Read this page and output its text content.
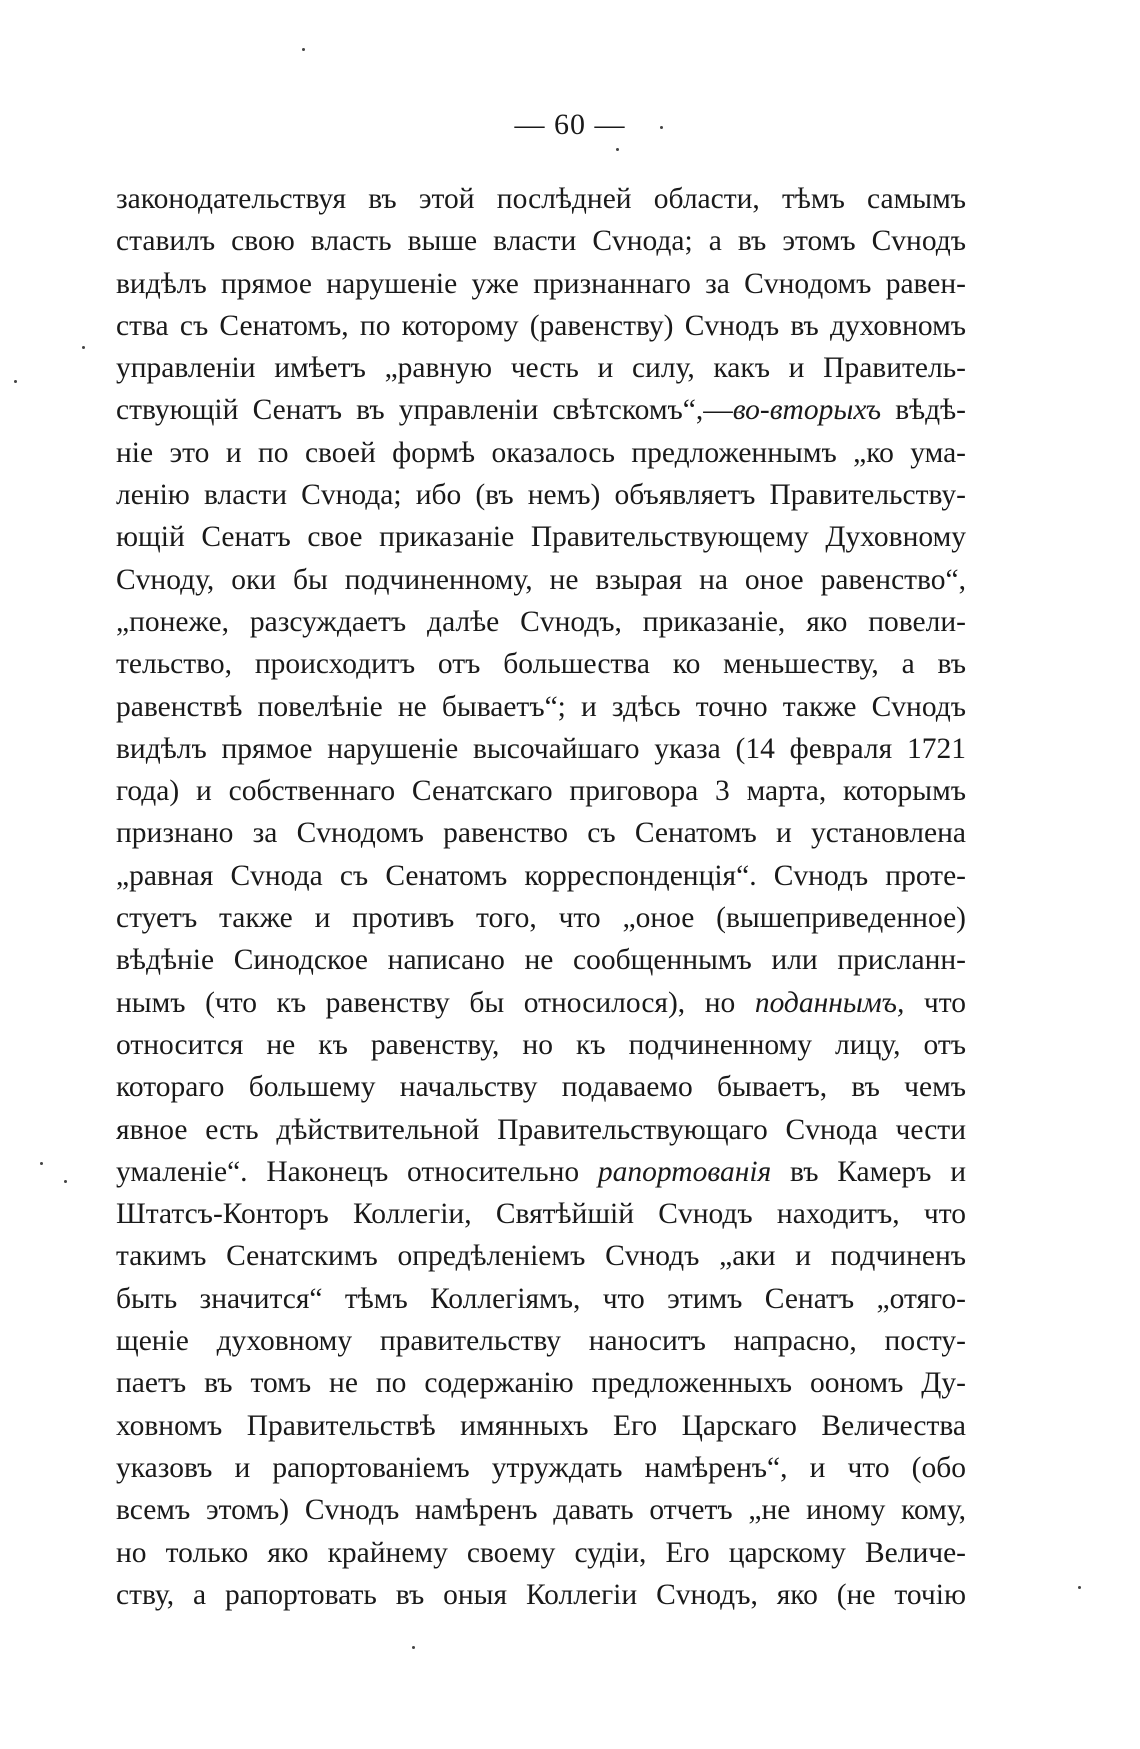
— 60 —
законодательствуя въ этой послѣдней области, тѣмъ самымъ
ставилъ свою власть выше власти Сvнода; а въ этомъ Сvнодъ
видѣлъ прямое нарушеніе уже признаннаго за Сvнодомъ равен-
ства съ Сенатомъ, по которому (равенству) Сvнодъ въ духовномъ
управленіи имѣетъ „равную честь и силу, какъ и Правитель-
ствующій Сенатъ въ управленіи свѣтскомъ“,—во-вторыхъ вѣдѣ-
ніе это и по своей формѣ оказалось предложеннымъ „ко ума-
ленію власти Сvнода; ибо (въ немъ) объявляетъ Правительству-
ющій Сенатъ свое приказаніе Правительствующему Духовному
Сvноду, оки бы подчиненному, не взырая на оное равенство“,
„понеже, разсуждаетъ далѣе Сvнодъ, приказаніе, яко повели-
тельство, происходитъ отъ большества ко меньшеству, а въ
равенствѣ повелѣніе не бываетъ“; и здѣсь точно также Сvнодъ
видѣлъ прямое нарушеніе высочайшаго указа (14 февраля 1721
года) и собственнаго Сенатскаго приговора 3 марта, которымъ
признано за Сvнодомъ равенство съ Сенатомъ и установлена
„равная Сvнода съ Сенатомъ корреспонденція“. Сvнодъ проте-
стуетъ также и противъ того, что „оное (вышеприведенное)
вѣдѣніе Синодское написано не сообщеннымъ или присланн-
нымъ (что къ равенству бы относилося), но поданнымъ, что
относится не къ равенству, но къ подчиненному лицу, отъ
котораго большему начальству подаваемо бываетъ, въ чемъ
явное есть дѣйствительной Правительствующаго Сvнода чести
умаленіе“. Наконецъ относительно рапортованія въ Камеръ и
Штатсъ-Конторъ Коллегіи, Святѣйшій Сvнодъ находитъ, что
такимъ Сенатскимъ опредѣленіемъ Сvнодъ „аки и подчиненъ
быть значится“ тѣмъ Коллегіямъ, что этимъ Сенатъ „отяго-
щеніе духовному правительству наноситъ напрасно, посту-
паетъ въ томъ не по содержанію предложенныхъ оономъ Ду-
ховномъ Правительствѣ имянныхъ Его Царскаго Величества
указовъ и рапортованіемъ утруждать намѣренъ“, и что (обо
всемъ этомъ) Сvнодъ намѣренъ давать отчетъ „не иному кому,
но только яко крайнему своему судіи, Его царскому Величе-
ству, а рапортовать въ оныя Коллегіи Сvнодъ, яко (не точію
